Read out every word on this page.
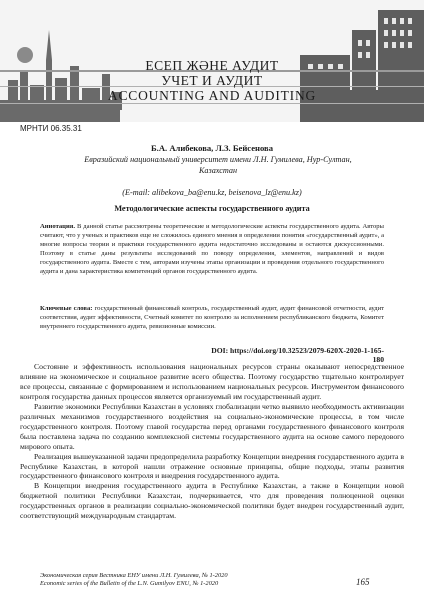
ЕСЕП ЖӘНЕ АУДИТ
УЧЕТ И АУДИТ
ACCOUNTING AND AUDITING
МРНТИ 06.35.31
Б.А. Алибекова, Л.З. Бейсенова
Евразийский национальный университет имени Л.Н. Гумилева, Нур-Султан, Казахстан
(E-mail: alibekova_ba@enu.kz, beisenova_lz@enu.kz)
Методологические аспекты государственного аудита
Аннотация. В данной статье рассмотрены теоретические и методологические аспекты государственного аудита. Авторы считают, что у ученых и практиков еще не сложилось единого мнения в определении понятия «государственный аудит», а многие вопросы теории и практики государственного аудита недостаточно исследованы и остаются дискуссионными. Поэтому в статье даны результаты исследований по поводу определения, элементов, направлений и видов государственного аудита. Вместе с тем, авторами изучены этапы организации и проведения отдельного государственного аудита и дана характеристика компетенций органов государственного аудита.
Ключевые слова: государственный финансовый контроль, государственный аудит, аудит финансовой отчетности, аудит соответствия, аудит эффективности, Счетный комитет по контролю за исполнением республиканского бюджета, Комитет внутреннего государственного аудита, ревизионные комиссии.
DOI: https://doi.org/10.32523/2079-620X-2020-1-165-180

Состояние и эффективность использования национальных ресурсов страны оказывают непосредственное влияние на экономическое и социальное развитие всего общества. Поэтому государство тщательно контролирует все процессы, связанные с формированием и использованием национальных ресурсов. Инструментом финансового контроля государства данных процессов является организуемый им государственный аудит.

Развитие экономики Республики Казахстан в условиях глобализации четко выявило необходимость активизации различных механизмов государственного воздействия на социально-экономические процессы, в том числе государственного контроля. Поэтому главой государства перед органами государственного финансового контроля была поставлена задача по созданию комплексной системы государственного аудита на основе самого передового мирового опыта.

Реализация вышеуказанной задачи предопределила разработку Концепции внедрения государственного аудита в Республике Казахстан, в которой нашли отражение основные принципы, общие подходы, этапы развития государственного финансового контроля и внедрения государственного аудита.

В Концепции внедрения государственного аудита в Республике Казахстан, а также в Концепции новой бюджетной политики Республики Казахстан, подчеркивается, что для проведения полноценной оценки государственных органов в реализации социально-экономической политики будет внедрен государственный аудит, соответствующий международным стандартам.

Экономическая серия Вестника ЕНУ имени Л.Н. Гумилева, № 1-2020
Economic series of the Bulletin of the L.N. Gumilyov ENU, № 1-2020	165
